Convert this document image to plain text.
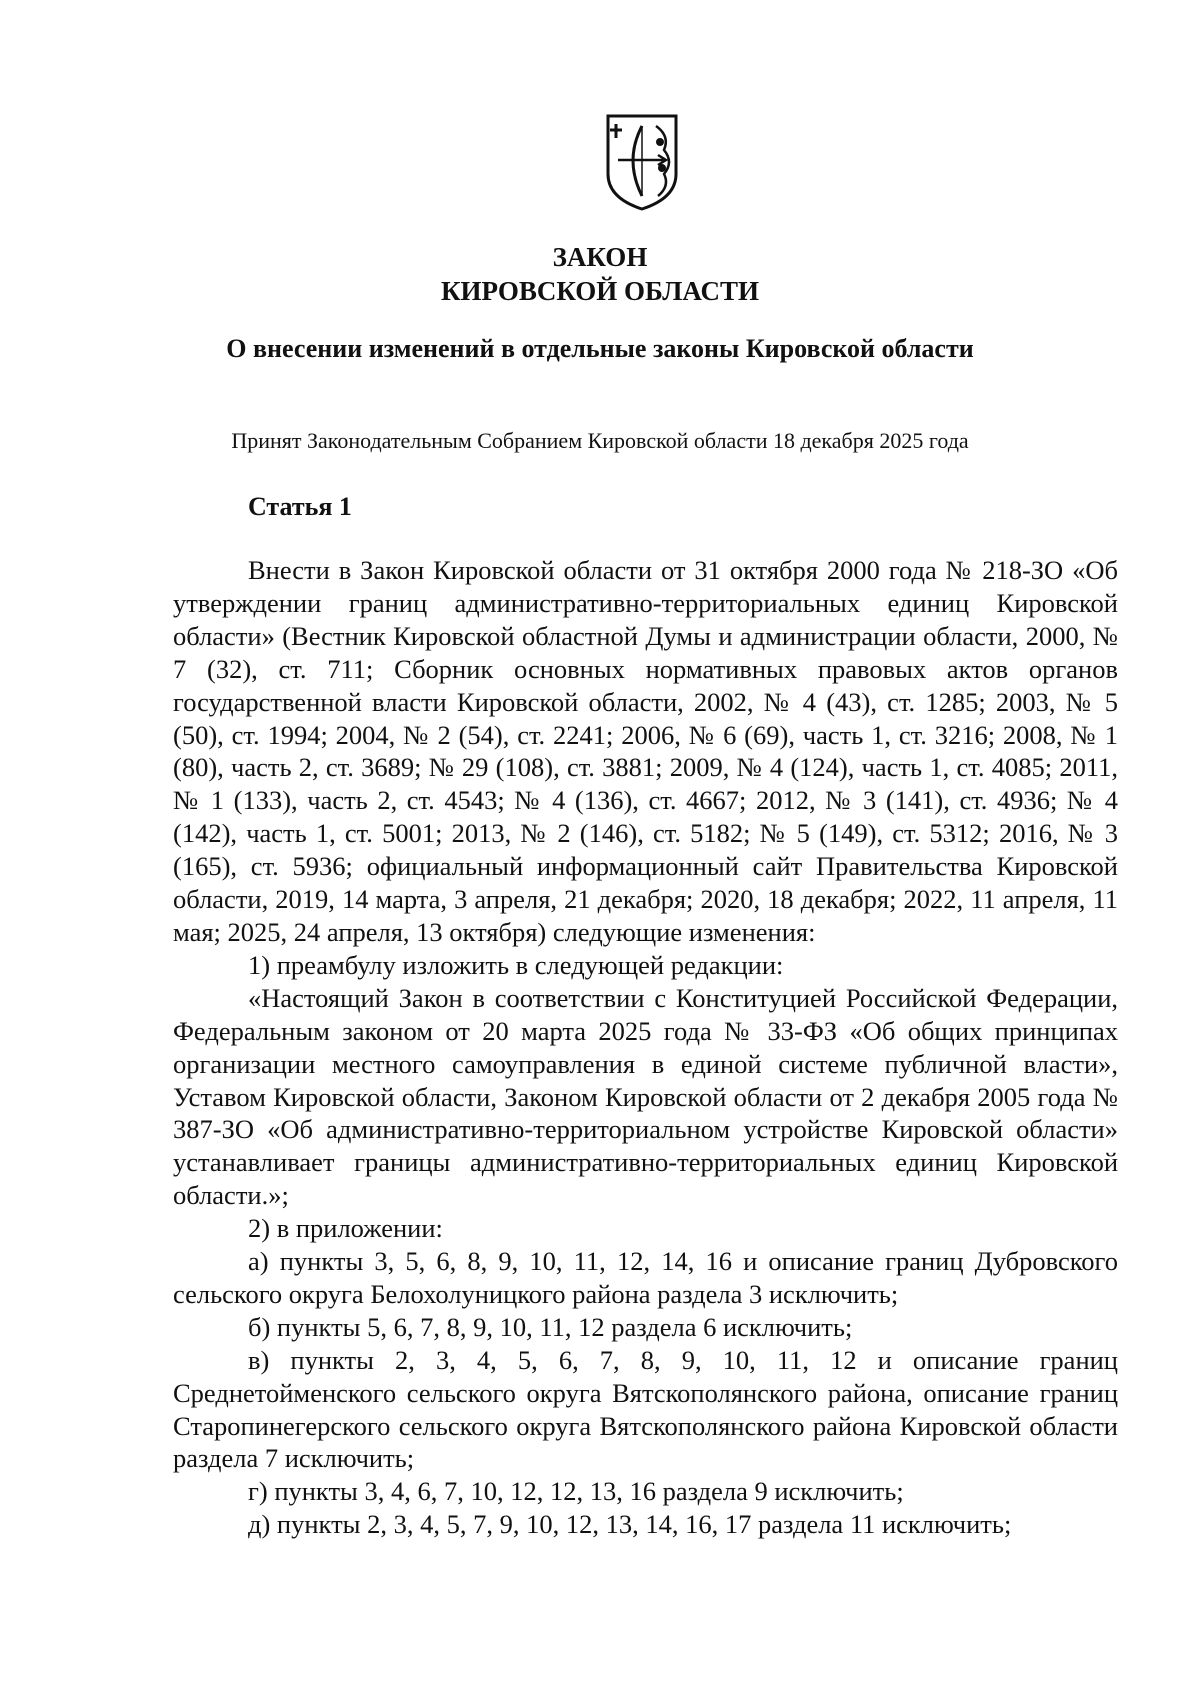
ЗАКОН
КИРОВСКОЙ ОБЛАСТИ
О внесении изменений в отдельные законы Кировской области
Принят Законодательным Собранием Кировской области 18 декабря 2025 года
Статья 1

Внести в Закон Кировской области от 31 октября 2000 года № 218-ЗО «Об утверждении границ административно-территориальных единиц Кировской области» (Вестник Кировской областной Думы и администрации области, 2000, № 7 (32), ст. 711; Сборник основных нормативных правовых актов органов государственной власти Кировской области, 2002, № 4 (43), ст. 1285; 2003, № 5 (50), ст. 1994; 2004, № 2 (54), ст. 2241; 2006, № 6 (69), часть 1, ст. 3216; 2008, № 1 (80), часть 2, ст. 3689; № 29 (108), ст. 3881; 2009, № 4 (124), часть 1, ст. 4085; 2011, № 1 (133), часть 2, ст. 4543; № 4 (136), ст. 4667; 2012, № 3 (141), ст. 4936; № 4 (142), часть 1, ст. 5001; 2013, № 2 (146), ст. 5182; № 5 (149), ст. 5312; 2016, № 3 (165), ст. 5936; официальный информационный сайт Правительства Кировской области, 2019, 14 марта, 3 апреля, 21 декабря; 2020, 18 декабря; 2022, 11 апреля, 11 мая; 2025, 24 апреля, 13 октября) следующие изменения:

1) преамбулу изложить в следующей редакции:

«Настоящий Закон в соответствии с Конституцией Российской Федерации, Федеральным законом от 20 марта 2025 года № 33-ФЗ «Об общих принципах организации местного самоуправления в единой системе публичной власти», Уставом Кировской области, Законом Кировской области от 2 декабря 2005 года № 387-ЗО «Об административно-территориальном устройстве Кировской области» устанавливает границы административно-территориальных единиц Кировской области.»;

2) в приложении:

а) пункты 3, 5, 6, 8, 9, 10, 11, 12, 14, 16 и описание границ Дубровского сельского округа Белохолуницкого района раздела 3 исключить;

б) пункты 5, 6, 7, 8, 9, 10, 11, 12 раздела 6 исключить;

в) пункты 2, 3, 4, 5, 6, 7, 8, 9, 10, 11, 12 и описание границ Среднетойменского сельского округа Вятскополянского района, описание границ Старопинегерского сельского округа Вятскополянского района Кировской области раздела 7 исключить;

г) пункты 3, 4, 6, 7, 10, 12, 12, 13, 16 раздела 9 исключить;

д) пункты 2, 3, 4, 5, 7, 9, 10, 12, 13, 14, 16, 17 раздела 11 исключить;
